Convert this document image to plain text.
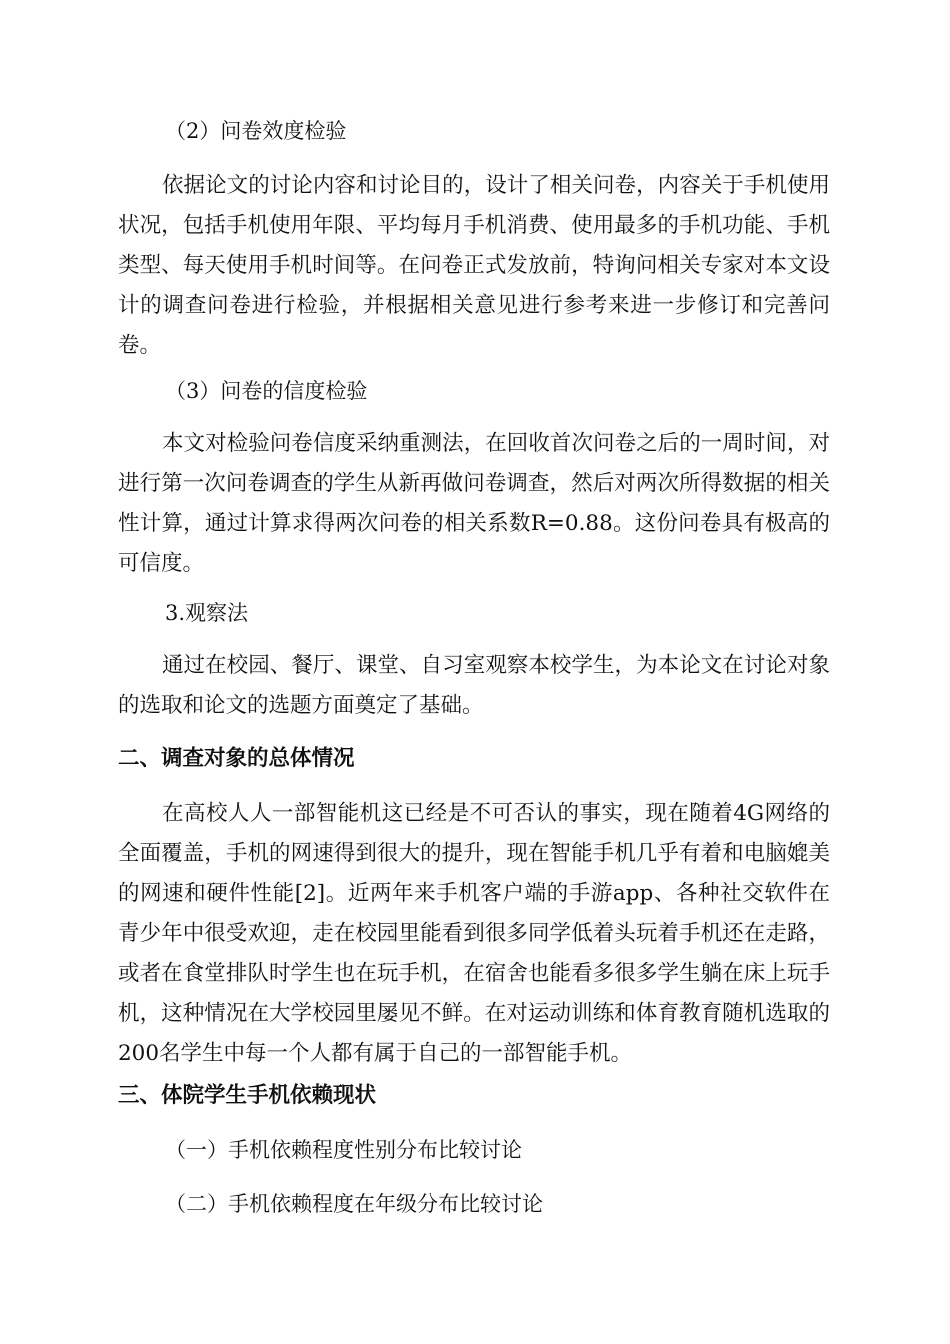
（2）问卷效度检验

依据论文的讨论内容和讨论目的，设计了相关问卷，内容关于手机使用状况，包括手机使用年限、平均每月手机消费、使用最多的手机功能、手机类型、每天使用手机时间等。在问卷正式发放前，特询问相关专家对本文设计的调查问卷进行检验，并根据相关意见进行参考来进一步修订和完善问卷。

（3）问卷的信度检验

本文对检验问卷信度采纳重测法，在回收首次问卷之后的一周时间，对进行第一次问卷调查的学生从新再做问卷调查，然后对两次所得数据的相关性计算，通过计算求得两次问卷的相关系数R=0.88。这份问卷具有极高的可信度。

3.观察法

通过在校园、餐厅、课堂、自习室观察本校学生，为本论文在讨论对象的选取和论文的选题方面奠定了基础。

二、调查对象的总体情况

在高校人人一部智能机这已经是不可否认的事实，现在随着4G网络的全面覆盖，手机的网速得到很大的提升，现在智能手机几乎有着和电脑媲美的网速和硬件性能[2]。近两年来手机客户端的手游app、各种社交软件在青少年中很受欢迎，走在校园里能看到很多同学低着头玩着手机还在走路，或者在食堂排队时学生也在玩手机，在宿舍也能看多很多学生躺在床上玩手机，这种情况在大学校园里屡见不鲜。在对运动训练和体育教育随机选取的200名学生中每一个人都有属于自己的一部智能手机。

三、体院学生手机依赖现状
（一）手机依赖程度性别分布比较讨论
（二）手机依赖程度在年级分布比较讨论
